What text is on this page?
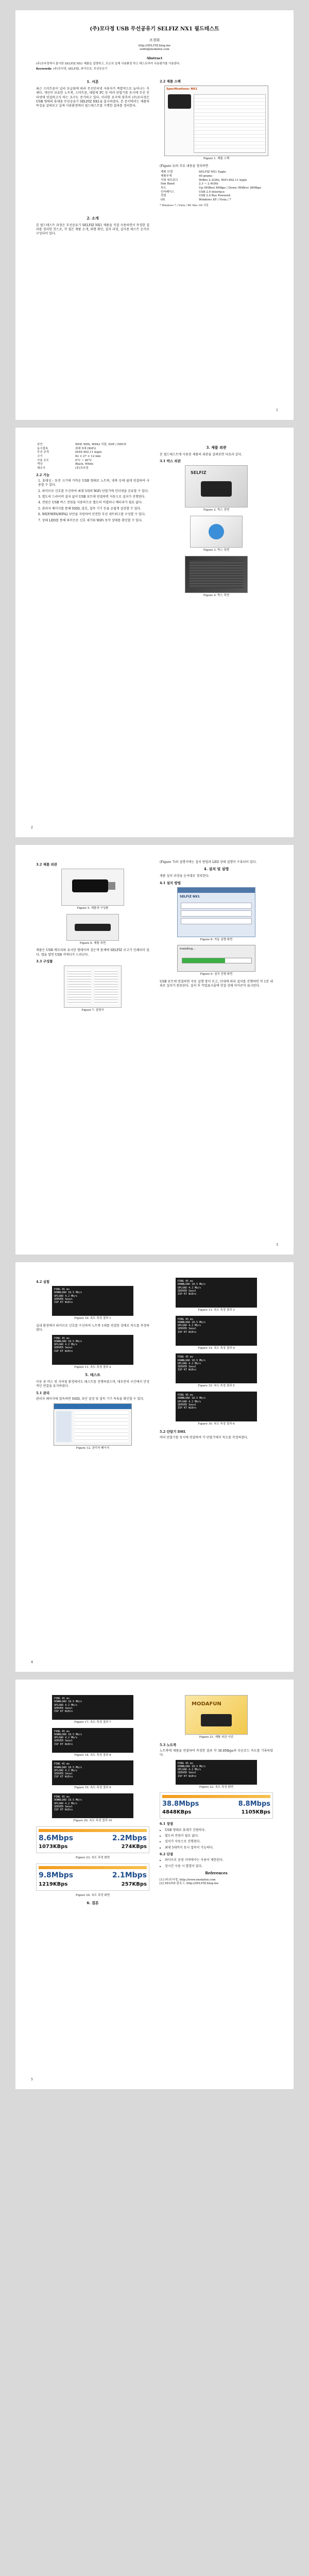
(주)모다정 USB 무선공유기 SELFIZ NX1 필드테스트
조경화
http://SELFIZ.blog.me
selfiz@modafun.com
Abstract
(주)모다정에서 출시한 SELFIZ NX1 제품을 설명하고, 모든의 실제 사용환경 하고 테스트하여 사용평가를 이용한다.
Keywords: (주)모다정, SELFIZ, 와이브로, 무선공유기
1. 서론

최근 스마트폰이 널리 보급됨에 따라 무선인터넷 사용자가 폭발적으로 늘어나는 추세다. 개인이 보유한 노트북, 스마트폰, 태블릿 PC 등 여러 단말기를 동시에 무선 인터넷에 연결하고자 하는 요구도 증가하고 있다. 이러한 요구에 맞추어 (주)모다정은 USB 형태의 휴대용 무선공유기 SELFIZ NX1을 출시하였다. 본 문서에서는 제품의 특징을 살펴보고 실제 사용환경에서 필드테스트를 수행한 결과를 정리한다.

2. 소개

본 필드테스트 과정은 무선공유기 SELFIZ NX1 제품을 직접 사용하면서 측정한 결과를 정리한 것으로, 각 절은 제품 소개, 외형 확인, 설치 과정, 실사용 테스트 순서로 구성되어 있다.

2.2 제품 스펙
Specifications: NX1
Figure 1. 제품 스펙

(Figure 1)의 주요 내용을 정리하면

제품 모델	SELFIZ NX1 Eagle
제품무게	40 grams
지원 네트워크	WiBro 2.3GHz, WiFi 802.11 b/g/n
Sim Band	2.3 ~ 2.4GHz
속도	Up (WiBro) 8Mbps / Down (WiBro) 38Mbps
인터페이스	USB 2.0 Interface
전원	USB 2.0 Bus Powered
OS	Windows XP / Vista / 7
* Windows 7 / Vista / XP, Mac OS 지원
1
보안	WEP, WPA, WPA2 지원, NAT / DHCP
동시접속	최대 5대 (WiFi)
무선 규격	IEEE 802.11 b/g/n
크기	82 × 27 × 12 mm
사용 온도	0°C ~ 40°C
색상	Black, White
제조사	(주)모다정
2.2 기능
1. 휴대성 : 동전 크기에 가까운 USB 형태로 노트북, 넷북 등에 쉽게 연결하여 사용할 수 있다.
2. 와이브로 신호를 수신하여 최대 5대의 WiFi 단말기에 인터넷을 공유할 수 있다.
3. 별도의 드라이버 설치 없이 USB 포트에 연결하면 자동으로 설치가 진행된다.
4. 전원은 USB 버스 전원을 사용하므로 별도의 어댑터나 배터리가 필요 없다.
5. 관리자 페이지를 통해 SSID, 암호, 접속 기기 등을 손쉽게 설정할 수 있다.
6. WEP/WPA/WPA2 보안을 지원하여 안전한 무선 네트워크를 구성할 수 있다.
7. 상태 LED를 통해 와이브로 신호 세기와 WiFi 동작 상태를 확인할 수 있다.
3. 제품 외관

본 필드테스트에 사용된 제품의 외관을 살펴보면 다음과 같다.

3.1 박스 외관
SELFIZ
Figure 2. 박스 전면
Figure 3. 박스 측면
Figure 4. 박스 후면
2
3.2 제품 외관
Figure 5. 제품과 구성품
Figure 6. 제품 측면

제품은 USB 메모리와 유사한 형태이며 검은색 몸체에 SELFIZ 로고가 인쇄되어 있다. 캡을 열면 USB 커넥터가 드러난다.

3.3 구성품
Figure 7. 설명서

(Figure 7)의 설명서에는 설치 방법과 LED 상태 설명이 수록되어 있다.

4. 설치 및 설명

제품 설치 과정을 순서대로 정리한다.

4.1 설치 방법
SELFIZ NX1
Figure 8. 자동 실행 화면
Installing...
Figure 9. 설치 진행 화면

USB 포트에 연결하면 자동 실행 창이 뜨고, 안내에 따라 설치를 진행하면 약 1분 내외로 설치가 완료된다. 설치 후 작업표시줄에 연결 상태 아이콘이 표시된다.

3
4.2 실험
PING 45 ms
DOWNLOAD 18.5 Mb/s
UPLOAD 4.2 Mb/s
SERVER Seoul
ISP KT WiBro
Figure 10. 속도 측정 결과 1

실내 환경에서 와이브로 신호를 수신하여 노트북 1대를 연결한 상태로 속도를 측정하였다.

PING 45 ms
DOWNLOAD 18.5 Mb/s
UPLOAD 4.2 Mb/s
SERVER Seoul
ISP KT WiBro
Figure 11. 속도 측정 결과 2
5. 테스트

이동 중 버스 및 지하철 환경에서도 테스트를 진행하였으며, 대부분의 구간에서 안정적인 연결을 유지하였다.

5.1 관리

관리자 페이지에 접속하면 SSID, 보안 설정 및 접속 기기 목록을 확인할 수 있다.

Figure 12. 관리자 페이지
PING 45 ms
DOWNLOAD 18.5 Mb/s
UPLOAD 4.2 Mb/s
SERVER Seoul
ISP KT WiBro
Figure 13. 속도 측정 결과 3
PING 45 ms
DOWNLOAD 18.5 Mb/s
UPLOAD 4.2 Mb/s
SERVER Seoul
ISP KT WiBro
Figure 14. 속도 측정 결과 4
PING 45 ms
DOWNLOAD 18.5 Mb/s
UPLOAD 4.2 Mb/s
SERVER Seoul
ISP KT WiBro
Figure 15. 속도 측정 결과 5
PING 45 ms
DOWNLOAD 18.5 Mb/s
UPLOAD 4.2 Mb/s
SERVER Seoul
ISP KT WiBro
Figure 16. 속도 측정 결과 6
5.2 단말기 DHL

여러 단말기를 동시에 연결하여 각 단말기에서 속도를 측정하였다.

4
PING 45 ms
DOWNLOAD 18.5 Mb/s
UPLOAD 4.2 Mb/s
SERVER Seoul
ISP KT WiBro
Figure 17. 속도 측정 결과 7
PING 45 ms
DOWNLOAD 18.5 Mb/s
UPLOAD 4.2 Mb/s
SERVER Seoul
ISP KT WiBro
Figure 18. 속도 측정 결과 8
PING 45 ms
DOWNLOAD 18.5 Mb/s
UPLOAD 4.2 Mb/s
SERVER Seoul
ISP KT WiBro
Figure 19. 속도 측정 결과 9
PING 45 ms
DOWNLOAD 18.5 Mb/s
UPLOAD 4.2 Mb/s
SERVER Seoul
ISP KT WiBro
Figure 20. 속도 측정 결과 10
8.6Mbps	2.2Mbps
1073KBps	274KBps
Figure 23. 속도 측정 화면
9.8Mbps	2.1Mbps
1219KBps	257KBps
Figure 24. 속도 측정 화면
6. 결론
MODAFUN
Figure 21. 제품 외관 사진
5.3 노트북

노트북에 제품을 연결하여 측정한 결과 약 38.8Mbps의 다운로드 속도를 기록하였다.

PING 45 ms
DOWNLOAD 18.5 Mb/s
UPLOAD 4.2 Mb/s
SERVER Seoul
ISP KT WiBro
Figure 22. 속도 측정 화면
38.8Mbps	8.8Mbps
4848KBps	1105KBps
6.1 장점
• USB 형태로 휴대가 간편하다.
• 별도의 전원이 필요 없다.
• 설치가 자동으로 진행된다.
• 최대 5대까지 동시 접속이 가능하다.
6.2 단점
• 와이브로 음영 지역에서는 사용이 제한된다.
• 장시간 사용 시 발열이 있다.
References
[1] (주)모다정, http://www.modafun.com
[2] SELFIZ 블로그, http://SELFIZ.blog.me
5
